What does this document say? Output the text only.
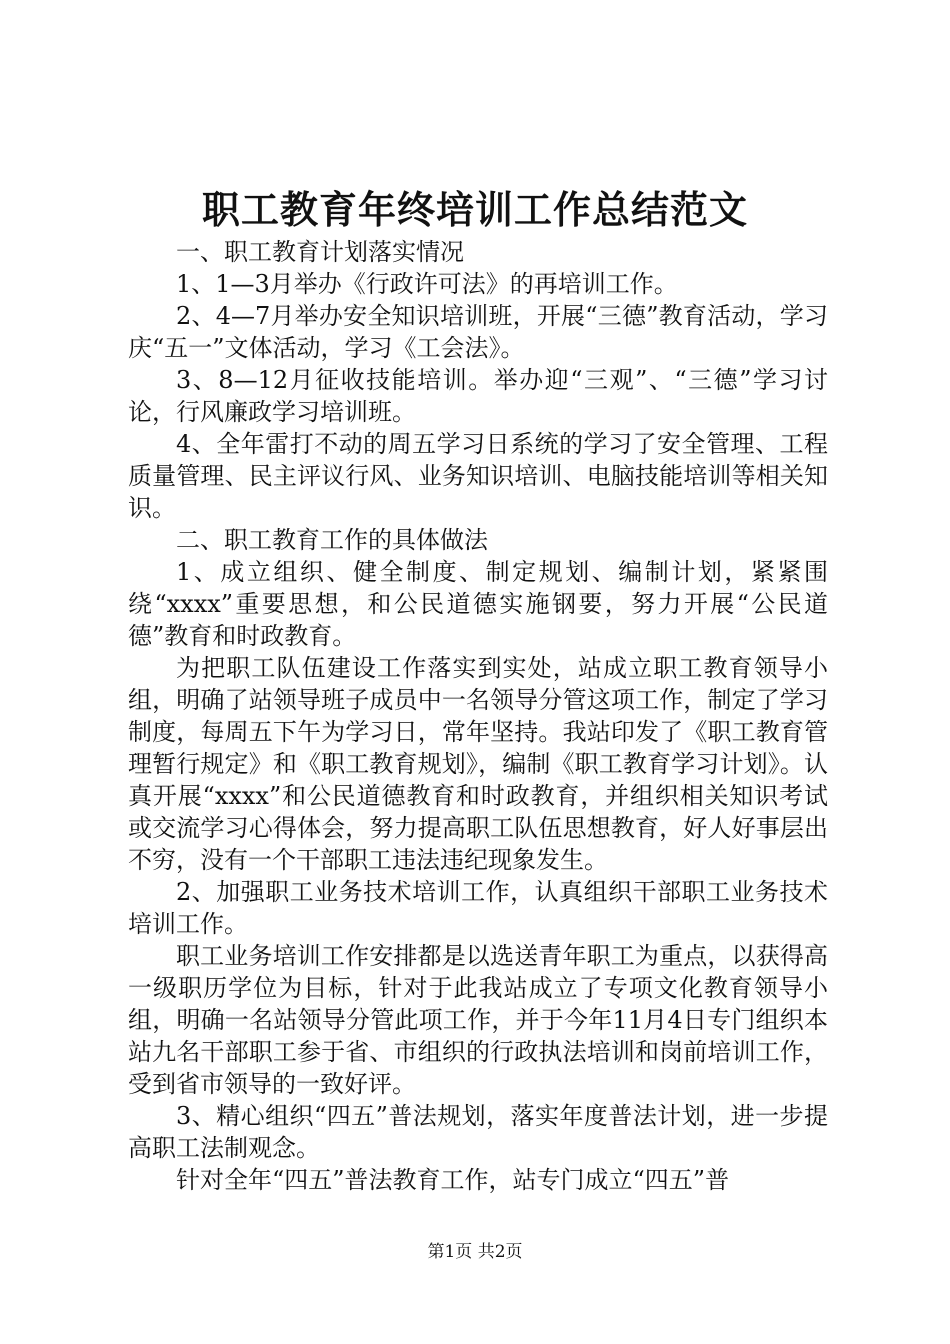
职工教育年终培训工作总结范文

一、职工教育计划落实情况

1、1—3月举办《行政许可法》的再培训工作。

2、4—7月举办安全知识培训班，开展“三德”教育活动，学习庆“五一”文体活动，学习《工会法》。

3、8—12月征收技能培训。举办迎“三观”、“三德”学习讨论，行风廉政学习培训班。

4、全年雷打不动的周五学习日系统的学习了安全管理、工程质量管理、民主评议行风、业务知识培训、电脑技能培训等相关知识。

二、职工教育工作的具体做法

1、成立组织、健全制度、制定规划、编制计划，紧紧围绕“xxxx”重要思想，和公民道德实施钢要，努力开展“公民道德”教育和时政教育。

为把职工队伍建设工作落实到实处，站成立职工教育领导小组，明确了站领导班子成员中一名领导分管这项工作，制定了学习制度，每周五下午为学习日，常年坚持。我站印发了《职工教育管理暂行规定》和《职工教育规划》，编制《职工教育学习计划》。认真开展“xxxx”和公民道德教育和时政教育，并组织相关知识考试或交流学习心得体会，努力提高职工队伍思想教育，好人好事层出不穷，没有一个干部职工违法违纪现象发生。

2、加强职工业务技术培训工作，认真组织干部职工业务技术培训工作。

职工业务培训工作安排都是以选送青年职工为重点，以获得高一级职历学位为目标，针对于此我站成立了专项文化教育领导小组，明确一名站领导分管此项工作，并于今年11月4日专门组织本站九名干部职工参于省、市组织的行政执法培训和岗前培训工作，受到省市领导的一致好评。

3、精心组织“四五”普法规划，落实年度普法计划，进一步提高职工法制观念。

针对全年“四五”普法教育工作，站专门成立“四五”普

第1页 共2页
